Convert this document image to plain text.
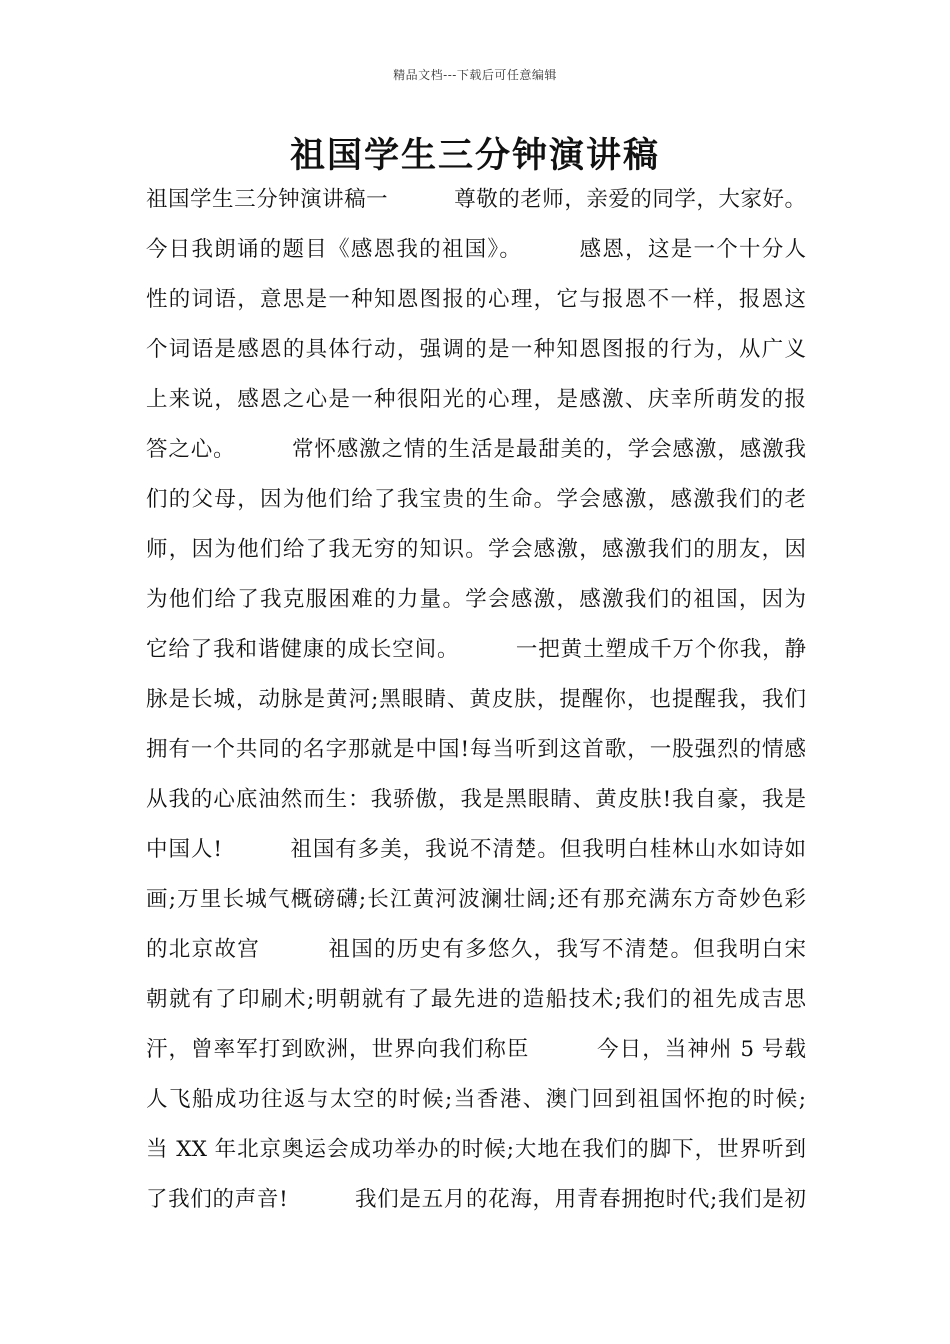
精品文档---下载后可任意编辑
祖国学生三分钟演讲稿
祖国学生三分钟演讲稿一　　　尊敬的老师，亲爱的同学，大家好。
今日我朗诵的题目《感恩我的祖国》。　　　感恩，这是一个十分人
性的词语，意思是一种知恩图报的心理，它与报恩不一样，报恩这
个词语是感恩的具体行动，强调的是一种知恩图报的行为，从广义
上来说，感恩之心是一种很阳光的心理，是感激、庆幸所萌发的报
答之心。　　　常怀感激之情的生活是最甜美的，学会感激，感激我
们的父母，因为他们给了我宝贵的生命。学会感激，感激我们的老
师，因为他们给了我无穷的知识。学会感激，感激我们的朋友，因
为他们给了我克服困难的力量。学会感激，感激我们的祖国，因为
它给了我和谐健康的成长空间。　　　一把黄土塑成千万个你我，静
脉是长城，动脉是黄河;黑眼睛、黄皮肤，提醒你，也提醒我，我们
拥有一个共同的名字那就是中国!每当听到这首歌，一股强烈的情感
从我的心底油然而生：我骄傲，我是黑眼睛、黄皮肤!我自豪，我是
中国人!　　　祖国有多美，我说不清楚。但我明白桂林山水如诗如
画;万里长城气概磅礴;长江黄河波澜壮阔;还有那充满东方奇妙色彩
的北京故宫　　　祖国的历史有多悠久，我写不清楚。但我明白宋
朝就有了印刷术;明朝就有了最先进的造船技术;我们的祖先成吉思
汗，曾率军打到欧洲，世界向我们称臣　　　今日，当神州 5 号载
人飞船成功往返与太空的时候;当香港、澳门回到祖国怀抱的时候;
当 XX 年北京奥运会成功举办的时候;大地在我们的脚下，世界听到
了我们的声音!　　　我们是五月的花海，用青春拥抱时代;我们是初
